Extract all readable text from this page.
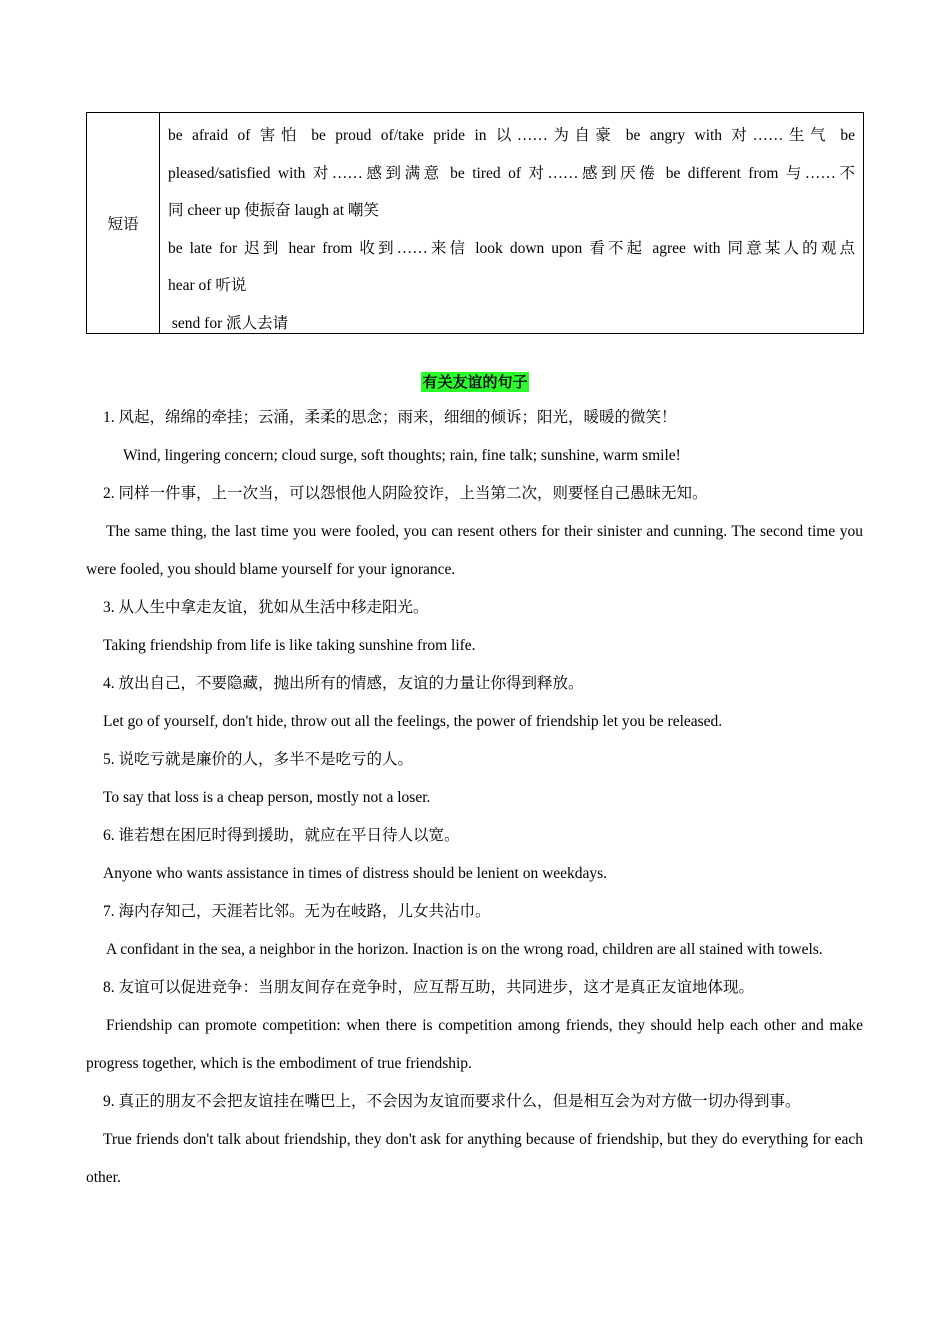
短语

be afraid of 害怕 be proud of/take pride in 以……为自豪 be angry with 对……生气 be

pleased/satisfied with 对……感到满意 be tired of 对……感到厌倦 be different from 与……不

同 cheer up 使振奋 laugh at 嘲笑

be late for 迟到 hear from 收到……来信 look down upon 看不起 agree with 同意某人的观点

hear of 听说

send for 派人去请

有关友谊的句子

1. 风起，绵绵的牵挂；云涌，柔柔的思念；雨来，细细的倾诉；阳光，暖暖的微笑！

Wind, lingering concern; cloud surge, soft thoughts; rain, fine talk; sunshine, warm smile!

2. 同样一件事，上一次当，可以怨恨他人阴险狡诈，上当第二次，则要怪自己愚昧无知。

The same thing, the last time you were fooled, you can resent others for their sinister and cunning. The second time you were fooled, you should blame yourself for your ignorance.

3. 从人生中拿走友谊，犹如从生活中移走阳光。

Taking friendship from life is like taking sunshine from life.

4. 放出自己，不要隐藏，抛出所有的情感，友谊的力量让你得到释放。

Let go of yourself, don't hide, throw out all the feelings, the power of friendship let you be released.

5. 说吃亏就是廉价的人，多半不是吃亏的人。

To say that loss is a cheap person, mostly not a loser.

6. 谁若想在困厄时得到援助，就应在平日待人以宽。

Anyone who wants assistance in times of distress should be lenient on weekdays.

7. 海内存知己，天涯若比邻。无为在岐路，儿女共沾巾。

A confidant in the sea, a neighbor in the horizon. Inaction is on the wrong road, children are all stained with towels.

8. 友谊可以促进竞争：当朋友间存在竞争时，应互帮互助，共同进步，这才是真正友谊地体现。

Friendship can promote competition: when there is competition among friends, they should help each other and make progress together, which is the embodiment of true friendship.

9. 真正的朋友不会把友谊挂在嘴巴上，不会因为友谊而要求什么，但是相互会为对方做一切办得到事。

True friends don't talk about friendship, they don't ask for anything because of friendship, but they do everything for each other.
